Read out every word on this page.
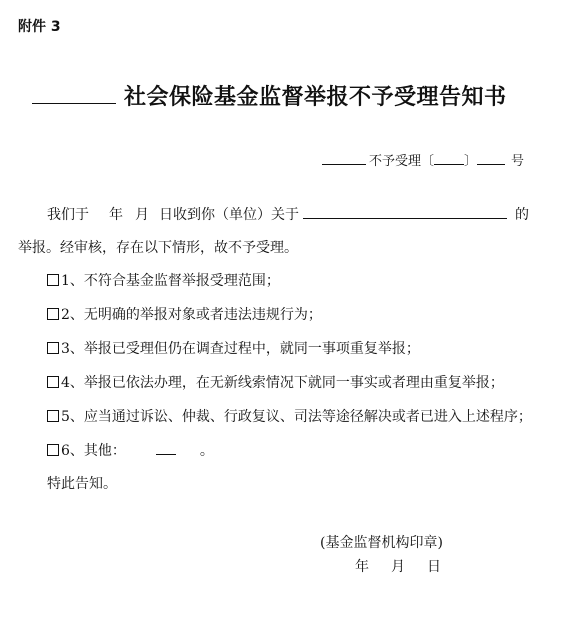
附件 3
社会保险基金监督举报不予受理告知书
不予受理〔 〕	号
我们于 年 月 日收到你（单位）关于	的
举报。经审核，存在以下情形，故不予受理。
1、不符合基金监督举报受理范围；
2、无明确的举报对象或者违法违规行为；
3、举报已受理但仍在调查过程中，就同一事项重复举报；
4、举报已依法办理，在无新线索情况下就同一事实或者理由重复举报；
5、应当通过诉讼、仲裁、行政复议、司法等途径解决或者已进入上述程序；
6、其他：	。
特此告知。
(基金监督机构印章)
年 月 日
